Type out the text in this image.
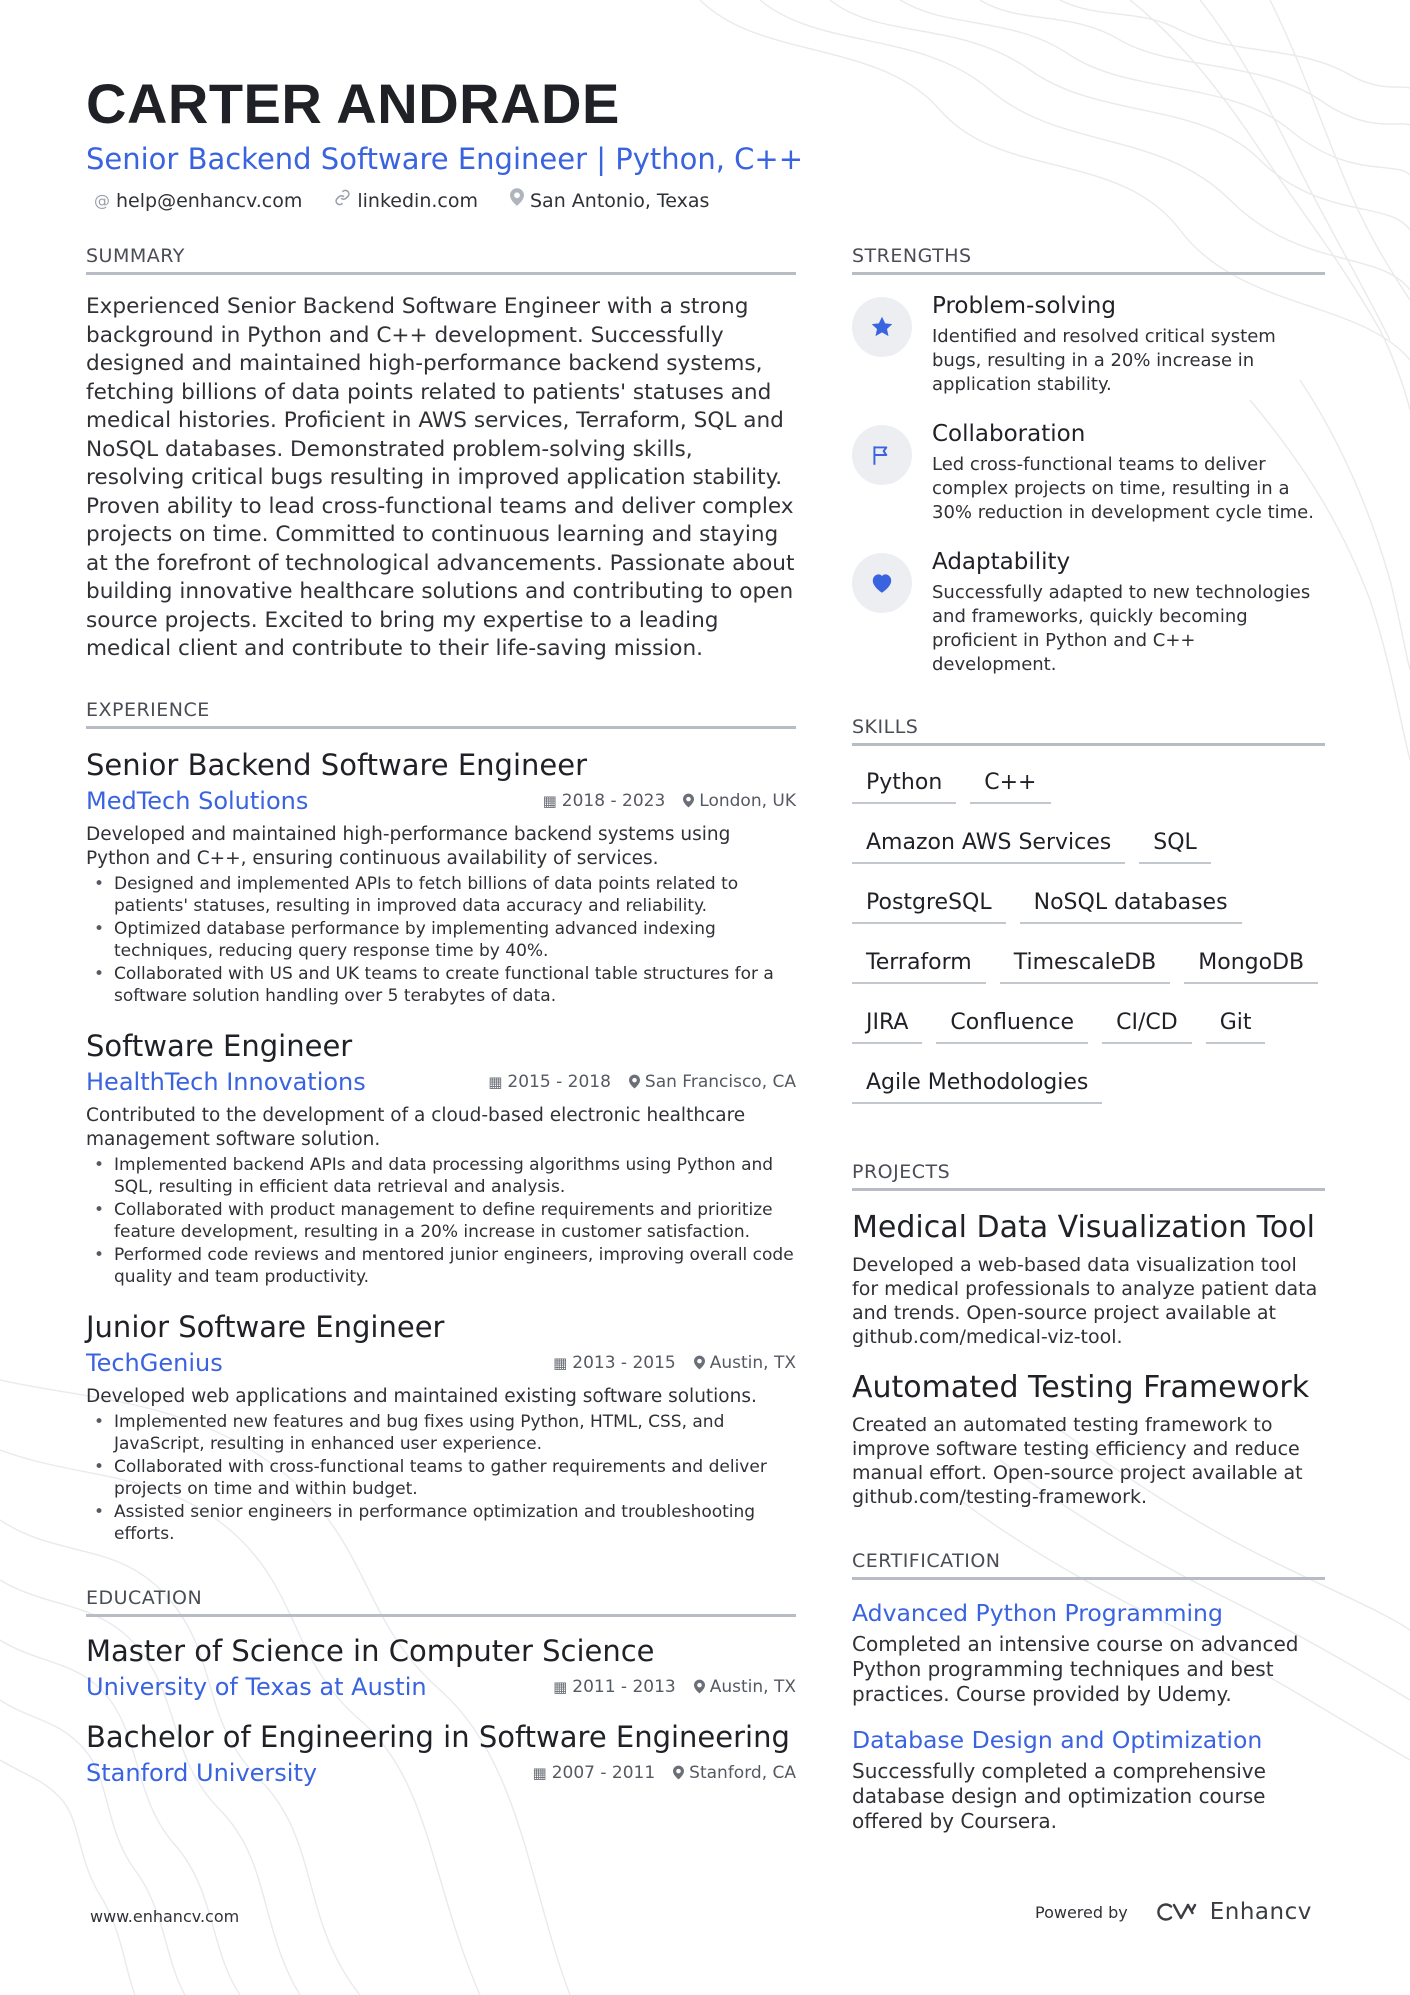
CARTER ANDRADE
Senior Backend Software Engineer | Python, C++
@ help@enhancv.com	linkedin.com	San Antonio, Texas
SUMMARY

Experienced Senior Backend Software Engineer with a strong background in Python and C++ development. Successfully designed and maintained high-performance backend systems, fetching billions of data points related to patients' statuses and medical histories. Proficient in AWS services, Terraform, SQL and NoSQL databases. Demonstrated problem-solving skills, resolving critical bugs resulting in improved application stability. Proven ability to lead cross-functional teams and deliver complex projects on time. Committed to continuous learning and staying at the forefront of technological advancements. Passionate about building innovative healthcare solutions and contributing to open source projects. Excited to bring my expertise to a leading medical client and contribute to their life-saving mission.

EXPERIENCE
Senior Backend Software Engineer
MedTech Solutions	▦ 2018 - 2023 London, UK
Developed and maintained high-performance backend systems using Python and C++, ensuring continuous availability of services.
• Designed and implemented APIs to fetch billions of data points related to patients' statuses, resulting in improved data accuracy and reliability.
• Optimized database performance by implementing advanced indexing techniques, reducing query response time by 40%.
• Collaborated with US and UK teams to create functional table structures for a software solution handling over 5 terabytes of data.
Software Engineer
HealthTech Innovations	▦ 2015 - 2018 San Francisco, CA
Contributed to the development of a cloud-based electronic healthcare management software solution.
• Implemented backend APIs and data processing algorithms using Python and SQL, resulting in efficient data retrieval and analysis.
• Collaborated with product management to define requirements and prioritize feature development, resulting in a 20% increase in customer satisfaction.
• Performed code reviews and mentored junior engineers, improving overall code quality and team productivity.
Junior Software Engineer
TechGenius	▦ 2013 - 2015 Austin, TX
Developed web applications and maintained existing software solutions.
• Implemented new features and bug fixes using Python, HTML, CSS, and JavaScript, resulting in enhanced user experience.
• Collaborated with cross-functional teams to gather requirements and deliver projects on time and within budget.
• Assisted senior engineers in performance optimization and troubleshooting efforts.
EDUCATION
Master of Science in Computer Science
University of Texas at Austin	▦ 2011 - 2013 Austin, TX
Bachelor of Engineering in Software Engineering
Stanford University	▦ 2007 - 2011 Stanford, CA
STRENGTHS
Problem-solving
Identified and resolved critical system bugs, resulting in a 20% increase in application stability.
Collaboration
Led cross-functional teams to deliver complex projects on time, resulting in a 30% reduction in development cycle time.
Adaptability
Successfully adapted to new technologies and frameworks, quickly becoming proficient in Python and C++ development.
SKILLS
Python	C++
Amazon AWS Services	SQL
PostgreSQL	NoSQL databases
Terraform	TimescaleDB	MongoDB
JIRA	Confluence	CI/CD	Git
Agile Methodologies
PROJECTS
Medical Data Visualization Tool
Developed a web-based data visualization tool for medical professionals to analyze patient data and trends. Open-source project available at github.com/medical-viz-tool.
Automated Testing Framework
Created an automated testing framework to improve software testing efficiency and reduce manual effort. Open-source project available at github.com/testing-framework.
CERTIFICATION
Advanced Python Programming
Completed an intensive course on advanced Python programming techniques and best practices. Course provided by Udemy.
Database Design and Optimization
Successfully completed a comprehensive database design and optimization course offered by Coursera.
www.enhancv.com	Powered by	Enhancv
